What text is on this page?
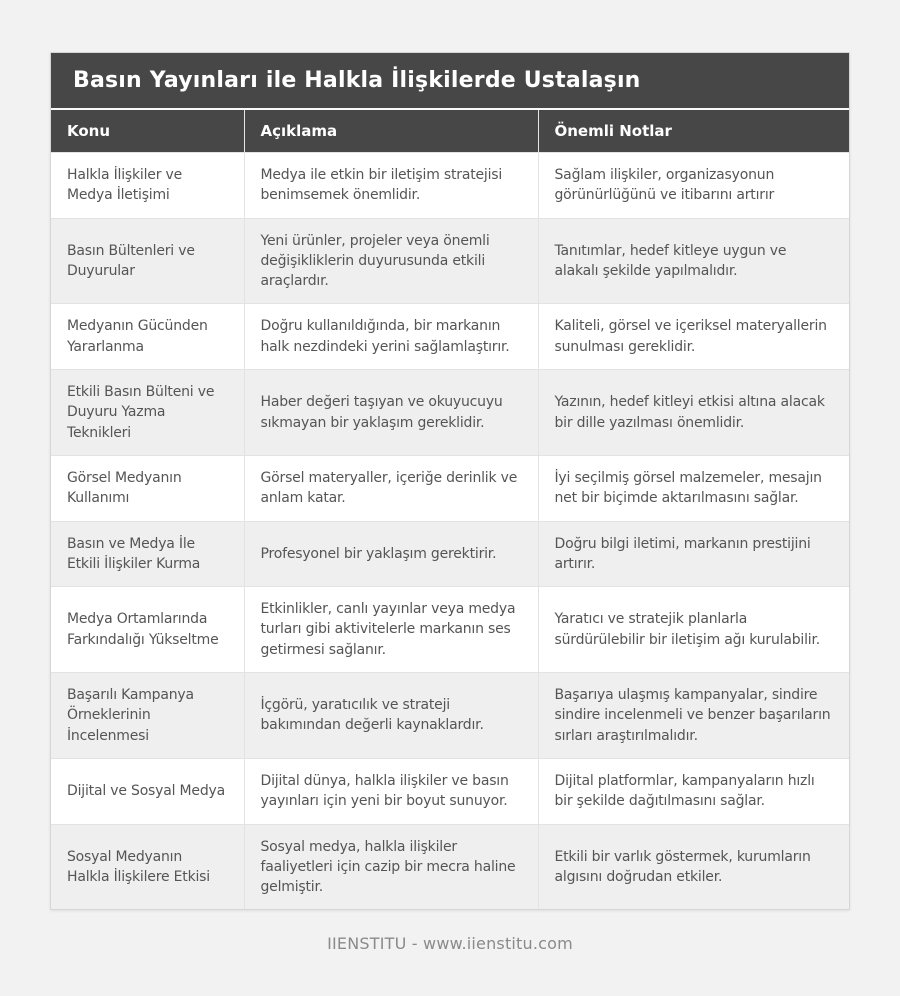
Basın Yayınları ile Halkla İlişkilerde Ustalaşın
Konu	Açıklama	Önemli Notlar
Halkla İlişkiler ve Medya İletişimi	Medya ile etkin bir iletişim stratejisi benimsemek önemlidir.	Sağlam ilişkiler, organizasyonun görünürlüğünü ve itibarını artırır
Basın Bültenleri ve Duyurular	Yeni ürünler, projeler veya önemli değişikliklerin duyurusunda etkili araçlardır.	Tanıtımlar, hedef kitleye uygun ve alakalı şekilde yapılmalıdır.
Medyanın Gücünden Yararlanma	Doğru kullanıldığında, bir markanın halk nezdindeki yerini sağlamlaştırır.	Kaliteli, görsel ve içeriksel materyallerin sunulması gereklidir.
Etkili Basın Bülteni ve Duyuru Yazma Teknikleri	Haber değeri taşıyan ve okuyucuyu sıkmayan bir yaklaşım gereklidir.	Yazının, hedef kitleyi etkisi altına alacak bir dille yazılması önemlidir.
Görsel Medyanın Kullanımı	Görsel materyaller, içeriğe derinlik ve anlam katar.	İyi seçilmiş görsel malzemeler, mesajın net bir biçimde aktarılmasını sağlar.
Basın ve Medya İle Etkili İlişkiler Kurma	Profesyonel bir yaklaşım gerektirir.	Doğru bilgi iletimi, markanın prestijini artırır.
Medya Ortamlarında Farkındalığı Yükseltme	Etkinlikler, canlı yayınlar veya medya turları gibi aktivitelerle markanın ses getirmesi sağlanır.	Yaratıcı ve stratejik planlarla sürdürülebilir bir iletişim ağı kurulabilir.
Başarılı Kampanya Örneklerinin İncelenmesi	İçgörü, yaratıcılık ve strateji bakımından değerli kaynaklardır.	Başarıya ulaşmış kampanyalar, sindire sindire incelenmeli ve benzer başarıların sırları araştırılmalıdır.
Dijital ve Sosyal Medya	Dijital dünya, halkla ilişkiler ve basın yayınları için yeni bir boyut sunuyor.	Dijital platformlar, kampanyaların hızlı bir şekilde dağıtılmasını sağlar.
Sosyal Medyanın Halkla İlişkilere Etkisi	Sosyal medya, halkla ilişkiler faaliyetleri için cazip bir mecra haline gelmiştir.	Etkili bir varlık göstermek, kurumların algısını doğrudan etkiler.
IIENSTITU - www.iienstitu.com
